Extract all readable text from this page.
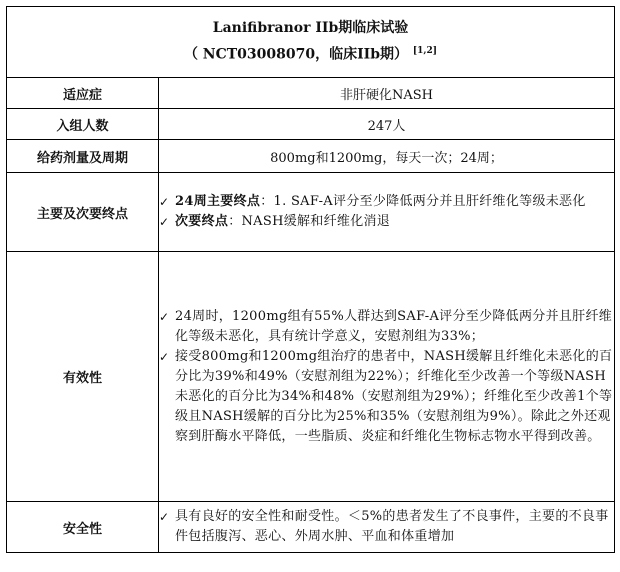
Lanifibranor IIb期临床试验
（ NCT03008070，临床IIb期） [1,2]

适应症	非肝硬化NASH
入组人数	247人
给药剂量及周期	800mg和1200mg，每天一次；24周；
主要及次要终点	✓ 24周主要终点：1. SAF-A评分至少降低两分并且肝纤维化等级未恶化
✓ 次要终点：NASH缓解和纤维化消退

有效性	✓ 24周时，1200mg组有55%人群达到SAF-A评分至少降低两分并且肝纤维化等级未恶化，具有统计学意义，安慰剂组为33%；
✓ 接受800mg和1200mg组治疗的患者中，NASH缓解且纤维化未恶化的百分比为39%和49%（安慰剂组为22%）；纤维化至少改善一个等级NASH未恶化的百分比为34%和48%（安慰剂组为29%）；纤维化至少改善1个等级且NASH缓解的百分比为25%和35%（安慰剂组为9%）。除此之外还观察到肝酶水平降低，一些脂质、炎症和纤维化生物标志物水平得到改善。

安全性	✓ 具有良好的安全性和耐受性。＜5%的患者发生了不良事件，主要的不良事件包括腹泻、恶心、外周水肿、平血和体重增加
